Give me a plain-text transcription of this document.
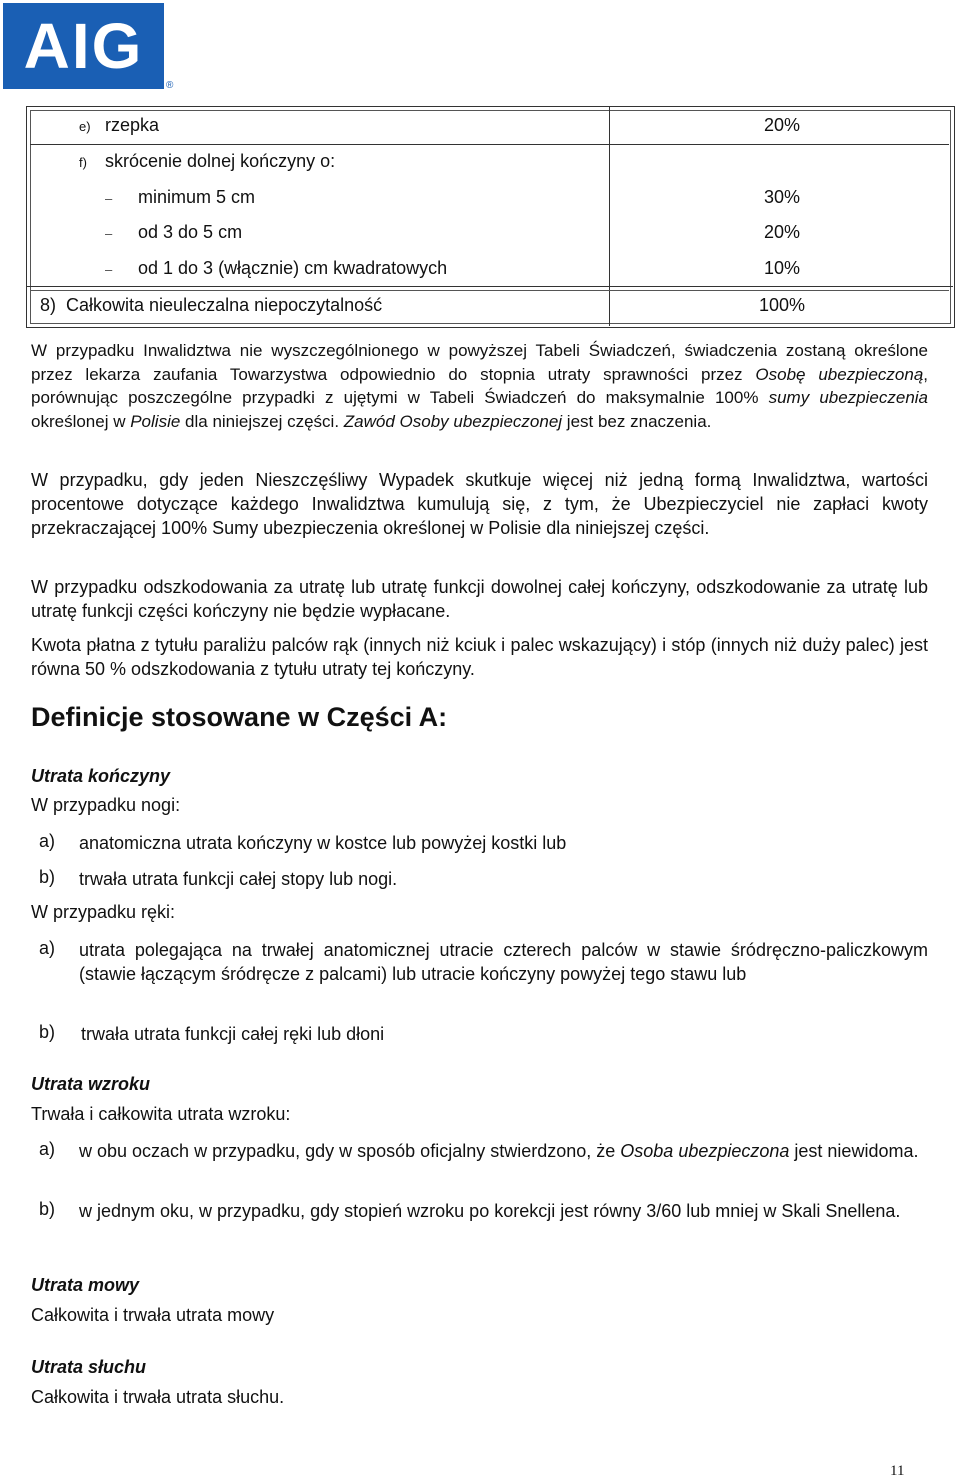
AIG
®
e) rzepka	20%
f) skrócenie dolnej kończyny o:
– minimum 5 cm	30%
– od 3 do 5 cm	20%
– od 1 do 3 (włącznie) cm kwadratowych	10%
8)  Całkowita nieuleczalna niepoczytalność	100%

W przypadku Inwalidztwa nie wyszczególnionego w powyższej Tabeli Świadczeń, świadczenia zostaną określone przez lekarza zaufania Towarzystwa odpowiednio do stopnia utraty sprawności przez Osobę ubezpieczoną, porównując poszczególne przypadki z ujętymi w Tabeli Świadczeń do maksymalnie 100% sumy ubezpieczenia określonej w Polisie dla niniejszej części. Zawód Osoby ubezpieczonej jest bez znaczenia.

W przypadku, gdy jeden Nieszczęśliwy Wypadek skutkuje więcej niż jedną formą Inwalidztwa, wartości procentowe dotyczące każdego Inwalidztwa kumulują się, z tym, że Ubezpieczyciel nie zapłaci kwoty przekraczającej 100% Sumy ubezpieczenia określonej w Polisie dla niniejszej części.

W przypadku odszkodowania za utratę lub utratę funkcji dowolnej całej kończyny, odszkodowanie za utratę lub utratę funkcji części kończyny nie będzie wypłacane.

Kwota płatna z tytułu paraliżu palców rąk (innych niż kciuk i palec wskazujący) i stóp (innych niż duży palec) jest równa 50 % odszkodowania z tytułu utraty tej kończyny.

Definicje stosowane w Części A:
Utrata kończyny
W przypadku nogi:
a) anatomiczna utrata kończyny w kostce lub powyżej kostki lub

b) trwała utrata funkcji całej stopy lub nogi.

W przypadku ręki:
a) utrata polegająca na trwałej anatomicznej utracie czterech palców w stawie śródręczno-paliczkowym (stawie łączącym śródręcze z palcami) lub utracie kończyny powyżej tego stawu lub

b) trwała utrata funkcji całej ręki lub dłoni

Utrata wzroku
Trwała i całkowita utrata wzroku:
a) w obu oczach w przypadku, gdy w sposób oficjalny stwierdzono, że Osoba ubezpieczona jest niewidoma.

b) w jednym oku, w przypadku, gdy stopień wzroku po korekcji jest równy 3/60 lub mniej w Skali Snellena.

Utrata mowy
Całkowita i trwała utrata mowy
Utrata słuchu
Całkowita i trwała utrata słuchu.
11
